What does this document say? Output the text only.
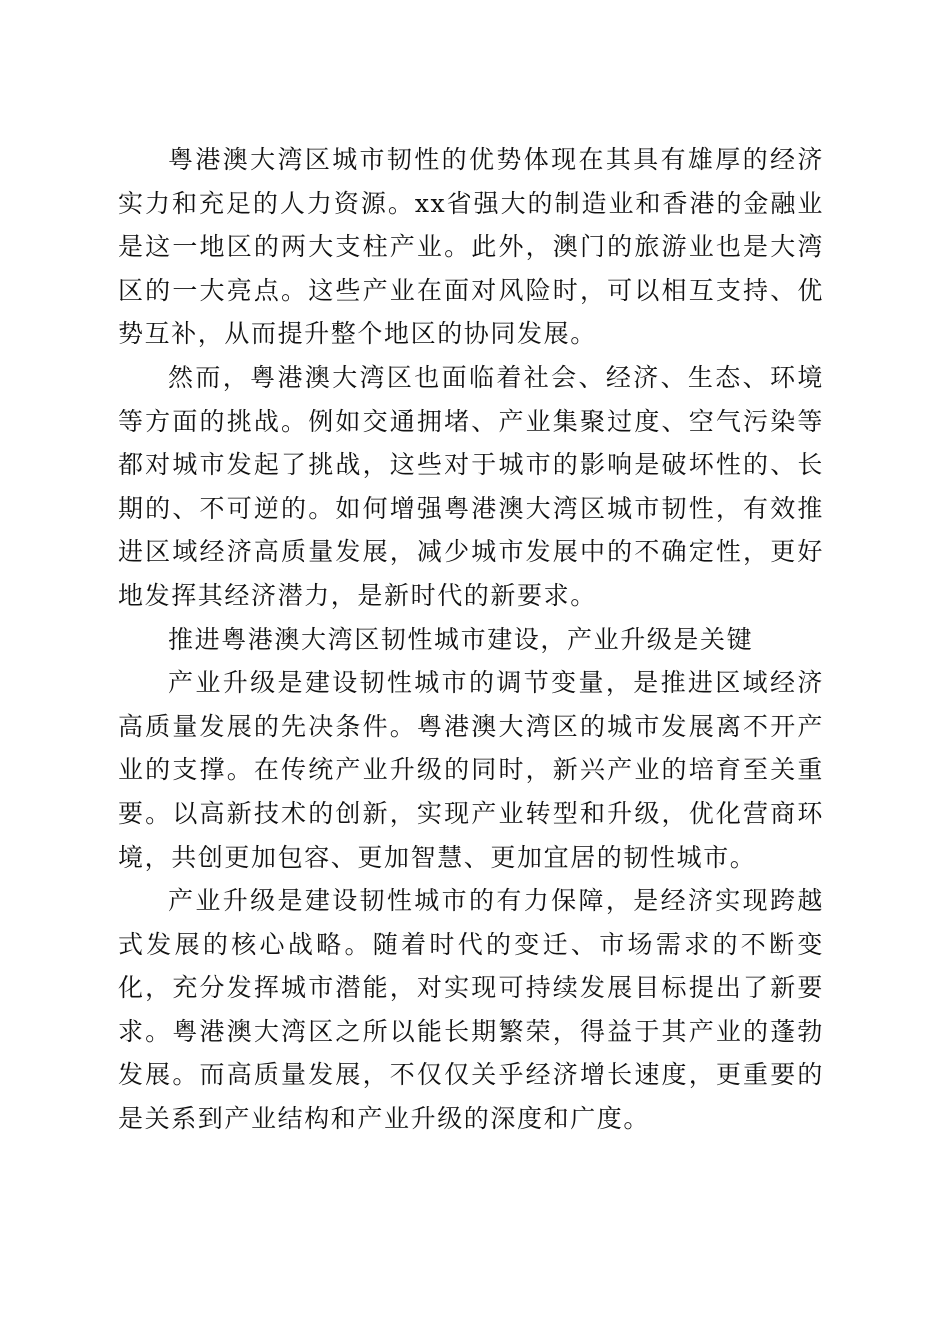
粤港澳大湾区城市韧性的优势体现在其具有雄厚的经济实力和充足的人力资源。xx省强大的制造业和香港的金融业是这一地区的两大支柱产业。此外，澳门的旅游业也是大湾区的一大亮点。这些产业在面对风险时，可以相互支持、优势互补，从而提升整个地区的协同发展。

然而，粤港澳大湾区也面临着社会、经济、生态、环境等方面的挑战。例如交通拥堵、产业集聚过度、空气污染等都对城市发起了挑战，这些对于城市的影响是破坏性的、长期的、不可逆的。如何增强粤港澳大湾区城市韧性，有效推进区域经济高质量发展，减少城市发展中的不确定性，更好地发挥其经济潜力，是新时代的新要求。

推进粤港澳大湾区韧性城市建设，产业升级是关键

产业升级是建设韧性城市的调节变量，是推进区域经济高质量发展的先决条件。粤港澳大湾区的城市发展离不开产业的支撑。在传统产业升级的同时，新兴产业的培育至关重要。以高新技术的创新，实现产业转型和升级，优化营商环境，共创更加包容、更加智慧、更加宜居的韧性城市。

产业升级是建设韧性城市的有力保障，是经济实现跨越式发展的核心战略。随着时代的变迁、市场需求的不断变化，充分发挥城市潜能，对实现可持续发展目标提出了新要求。粤港澳大湾区之所以能长期繁荣，得益于其产业的蓬勃发展。而高质量发展，不仅仅关乎经济增长速度，更重要的是关系到产业结构和产业升级的深度和广度。
